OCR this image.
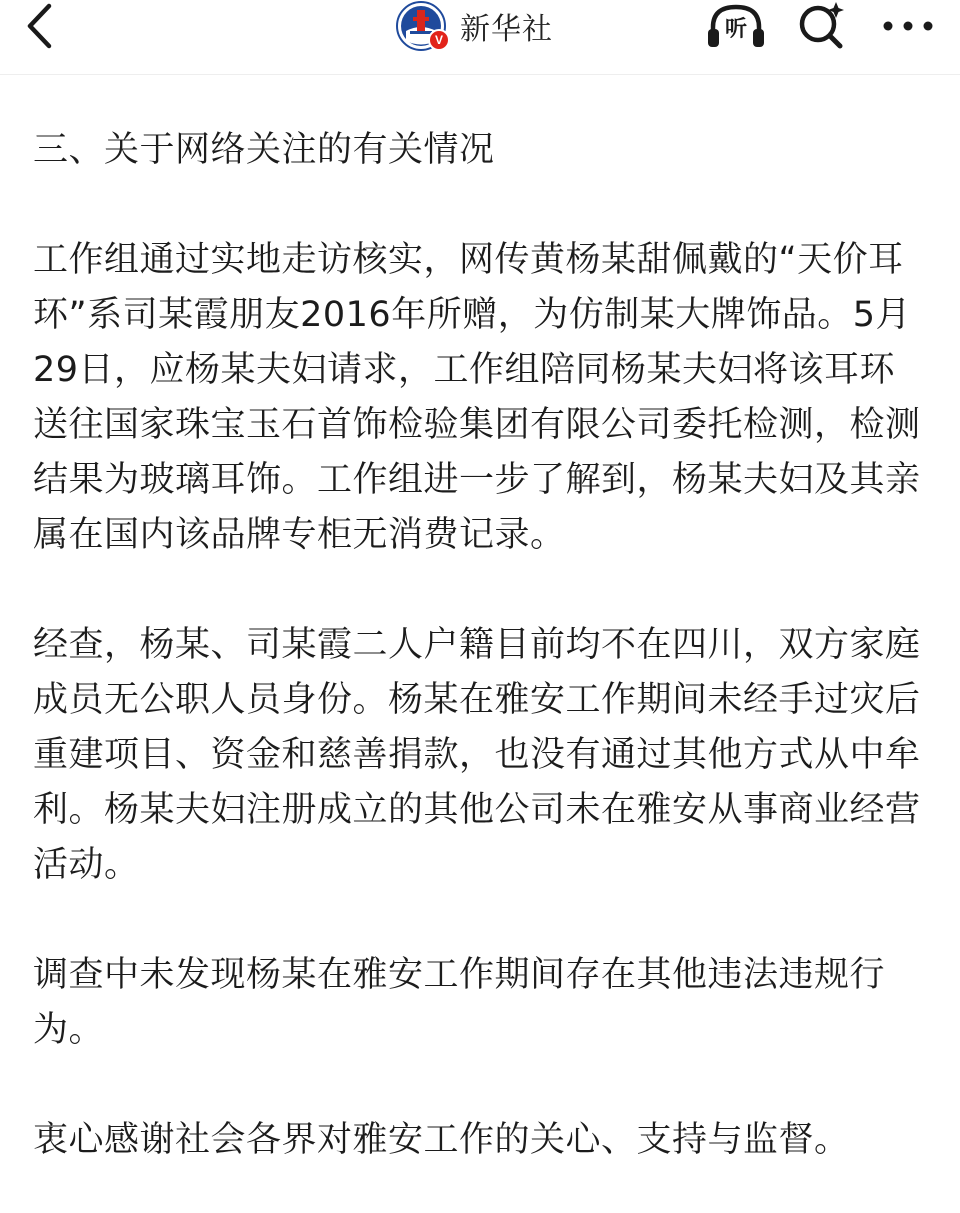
V 新华社	听

三、关于网络关注的有关情况

工作组通过实地走访核实，网传黄杨某甜佩戴的“天价耳环”系司某霞朋友2016年所赠，为仿制某大牌饰品。5月29日，应杨某夫妇请求，工作组陪同杨某夫妇将该耳环送往国家珠宝玉石首饰检验集团有限公司委托检测，检测结果为玻璃耳饰。工作组进一步了解到，杨某夫妇及其亲属在国内该品牌专柜无消费记录。

经查，杨某、司某霞二人户籍目前均不在四川，双方家庭成员无公职人员身份。杨某在雅安工作期间未经手过灾后重建项目、资金和慈善捐款，也没有通过其他方式从中牟利。杨某夫妇注册成立的其他公司未在雅安从事商业经营活动。

调查中未发现杨某在雅安工作期间存在其他违法违规行为。

衷心感谢社会各界对雅安工作的关心、支持与监督。
